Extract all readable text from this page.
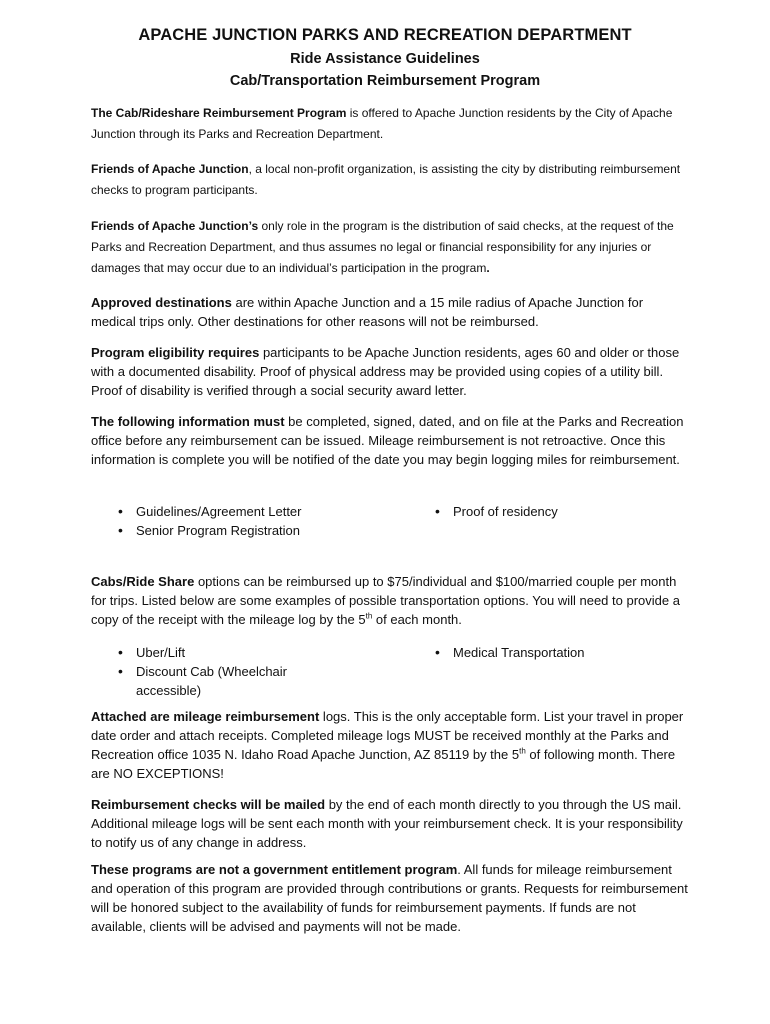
APACHE JUNCTION PARKS AND RECREATION DEPARTMENT
Ride Assistance Guidelines
Cab/Transportation Reimbursement Program

The Cab/Rideshare Reimbursement Program is offered to Apache Junction residents by the City of Apache Junction through its Parks and Recreation Department.

Friends of Apache Junction, a local non-profit organization, is assisting the city by distributing reimbursement checks to program participants.

Friends of Apache Junction’s only role in the program is the distribution of said checks, at the request of the Parks and Recreation Department, and thus assumes no legal or financial responsibility for any injuries or damages that may occur due to an individual’s participation in the program.

Approved destinations are within Apache Junction and a 15 mile radius of Apache Junction for medical trips only. Other destinations for other reasons will not be reimbursed.

Program eligibility requires participants to be Apache Junction residents, ages 60 and older or those with a documented disability. Proof of physical address may be provided using copies of a utility bill. Proof of disability is verified through a social security award letter.

The following information must be completed, signed, dated, and on file at the Parks and Recreation office before any reimbursement can be issued. Mileage reimbursement is not retroactive. Once this information is complete you will be notified of the date you may begin logging miles for reimbursement.

• Guidelines/Agreement Letter
• Senior Program Registration
• Proof of residency

Cabs/Ride Share options can be reimbursed up to $75/individual and $100/married couple per month for trips. Listed below are some examples of possible transportation options. You will need to provide a copy of the receipt with the mileage log by the 5th of each month.

• Uber/Lift
• Discount Cab (Wheelchair accessible)
• Medical Transportation

Attached are mileage reimbursement logs. This is the only acceptable form. List your travel in proper date order and attach receipts. Completed mileage logs MUST be received monthly at the Parks and Recreation office 1035 N. Idaho Road Apache Junction, AZ 85119 by the 5th of following month. There are NO EXCEPTIONS!

Reimbursement checks will be mailed by the end of each month directly to you through the US mail. Additional mileage logs will be sent each month with your reimbursement check. It is your responsibility to notify us of any change in address.

These programs are not a government entitlement program. All funds for mileage reimbursement and operation of this program are provided through contributions or grants. Requests for reimbursement will be honored subject to the availability of funds for reimbursement payments. If funds are not available, clients will be advised and payments will not be made.
